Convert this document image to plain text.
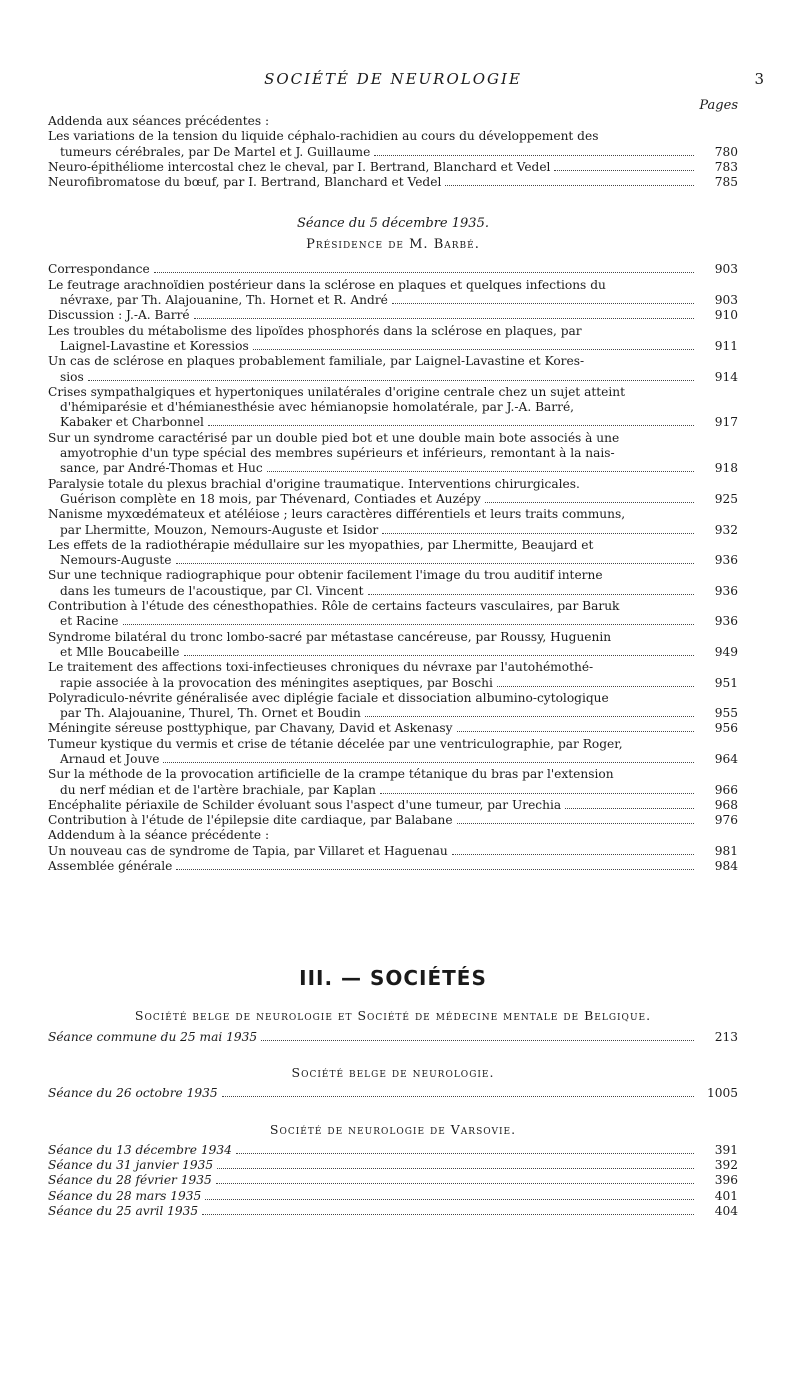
SOCIÉTÉ DE NEUROLOGIE	3
Pages
Addenda aux séances précédentes :
Les variations de la tension du liquide céphalo-rachidien au cours du développement des
tumeurs cérébrales, par De Martel et J. Guillaume	780
Neuro-épithéliome intercostal chez le cheval, par I. Bertrand, Blanchard et Vedel	783
Neurofibromatose du bœuf, par I. Bertrand, Blanchard et Vedel	785
Séance du 5 décembre 1935.
Présidence de M. Barbé.
Correspondance	903
Le feutrage arachnoïdien postérieur dans la sclérose en plaques et quelques infections du
névraxe, par Th. Alajouanine, Th. Hornet et R. André	903
Discussion : J.-A. Barré	910
Les troubles du métabolisme des lipoïdes phosphorés dans la sclérose en plaques, par
Laignel-Lavastine et Koressios	911
Un cas de sclérose en plaques probablement familiale, par Laignel-Lavastine et Kores-
sios	914
Crises sympathalgiques et hypertoniques unilatérales d'origine centrale chez un sujet atteint
d'hémiparésie et d'hémianesthésie avec hémianopsie homolatérale, par J.-A. Barré,
Kabaker et Charbonnel	917
Sur un syndrome caractérisé par un double pied bot et une double main bote associés à une
amyotrophie d'un type spécial des membres supérieurs et inférieurs, remontant à la nais-
sance, par André-Thomas et Huc	918
Paralysie totale du plexus brachial d'origine traumatique. Interventions chirurgicales.
Guérison complète en 18 mois, par Thévenard, Contiades et Auzépy	925
Nanisme myxœdémateux et atéléiose ; leurs caractères différentiels et leurs traits communs,
par Lhermitte, Mouzon, Nemours-Auguste et Isidor	932
Les effets de la radiothérapie médullaire sur les myopathies, par Lhermitte, Beaujard et
Nemours-Auguste	936
Sur une technique radiographique pour obtenir facilement l'image du trou auditif interne
dans les tumeurs de l'acoustique, par Cl. Vincent	936
Contribution à l'étude des cénesthopathies. Rôle de certains facteurs vasculaires, par Baruk
et Racine	936
Syndrome bilatéral du tronc lombo-sacré par métastase cancéreuse, par Roussy, Huguenin
et Mlle Boucabeille	949
Le traitement des affections toxi-infectieuses chroniques du névraxe par l'autohémothé-
rapie associée à la provocation des méningites aseptiques, par Boschi	951
Polyradiculo-névrite généralisée avec diplégie faciale et dissociation albumino-cytologique
par Th. Alajouanine, Thurel, Th. Ornet et Boudin	955
Méningite séreuse posttyphique, par Chavany, David et Askenasy	956
Tumeur kystique du vermis et crise de tétanie décelée par une ventriculographie, par Roger,
Arnaud et Jouve	964
Sur la méthode de la provocation artificielle de la crampe tétanique du bras par l'extension
du nerf médian et de l'artère brachiale, par Kaplan	966
Encéphalite périaxile de Schilder évoluant sous l'aspect d'une tumeur, par Urechia	968
Contribution à l'étude de l'épilepsie dite cardiaque, par Balabane	976
Addendum à la séance précédente :
Un nouveau cas de syndrome de Tapia, par Villaret et Haguenau	981
Assemblée générale	984
III. — SOCIÉTÉS
Société belge de neurologie et Société de médecine mentale de Belgique.
Séance commune du 25 mai 1935	213
Société belge de neurologie.
Séance du 26 octobre 1935	1005
Société de neurologie de Varsovie.
Séance du 13 décembre 1934	391
Séance du 31 janvier 1935	392
Séance du 28 février 1935	396
Séance du 28 mars 1935	401
Séance du 25 avril 1935	404
